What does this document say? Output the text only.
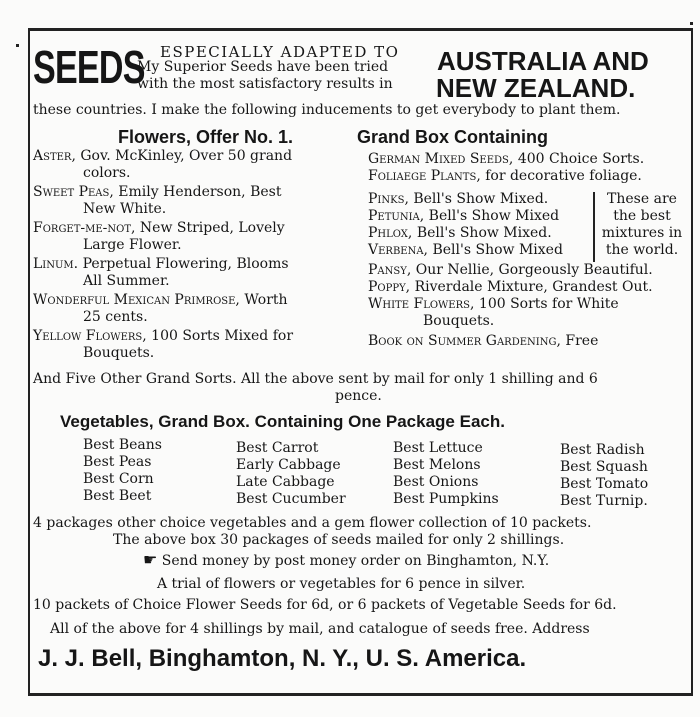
SEEDS ESPECIALLY ADAPTED TO
My Superior Seeds have been tried
with the most satisfactory results in
AUSTRALIA AND
NEW ZEALAND.
these countries. I make the following inducements to get everybody to plant them.
Flowers, Offer No. 1.	Grand Box Containing
Aster, Gov. McKinley, Over 50 grand

colors.
Sweet Peas, Emily Henderson, Best

New White.
Forget-me-not, New Striped, Lovely

Large Flower.
Linum. Perpetual Flowering, Blooms

All Summer.
Wonderful Mexican Primrose, Worth

25 cents.
Yellow Flowers, 100 Sorts Mixed for

Bouquets.
German Mixed Seeds, 400 Choice Sorts.
Foliaege Plants, for decorative foliage.
Pinks, Bell's Show Mixed.
Petunia, Bell's Show Mixed
Phlox, Bell's Show Mixed.
Verbena, Bell's Show Mixed
These are
the best
mixtures in
the world.
Pansy, Our Nellie, Gorgeously Beautiful.
Poppy, Riverdale Mixture, Grandest Out.
White Flowers, 100 Sorts for White
Bouquets.
Book on Summer Gardening, Free
And Five Other Grand Sorts. All the above sent by mail for only 1 shilling and 6
pence.
Vegetables, Grand Box. Containing One Package Each.
Best Beans
Best Peas
Best Corn
Best Beet
Best Carrot
Early Cabbage
Late Cabbage
Best Cucumber
Best Lettuce
Best Melons
Best Onions
Best Pumpkins
Best Radish
Best Squash
Best Tomato
Best Turnip.
4 packages other choice vegetables and a gem flower collection of 10 packets.
The above box 30 packages of seeds mailed for only 2 shillings.
☛ Send money by post money order on Binghamton, N.Y.
A trial of flowers or vegetables for 6 pence in silver.
10 packets of Choice Flower Seeds for 6d, or 6 packets of Vegetable Seeds for 6d.
All of the above for 4 shillings by mail, and catalogue of seeds free. Address
J. J. Bell, Binghamton, N. Y., U. S. America.
